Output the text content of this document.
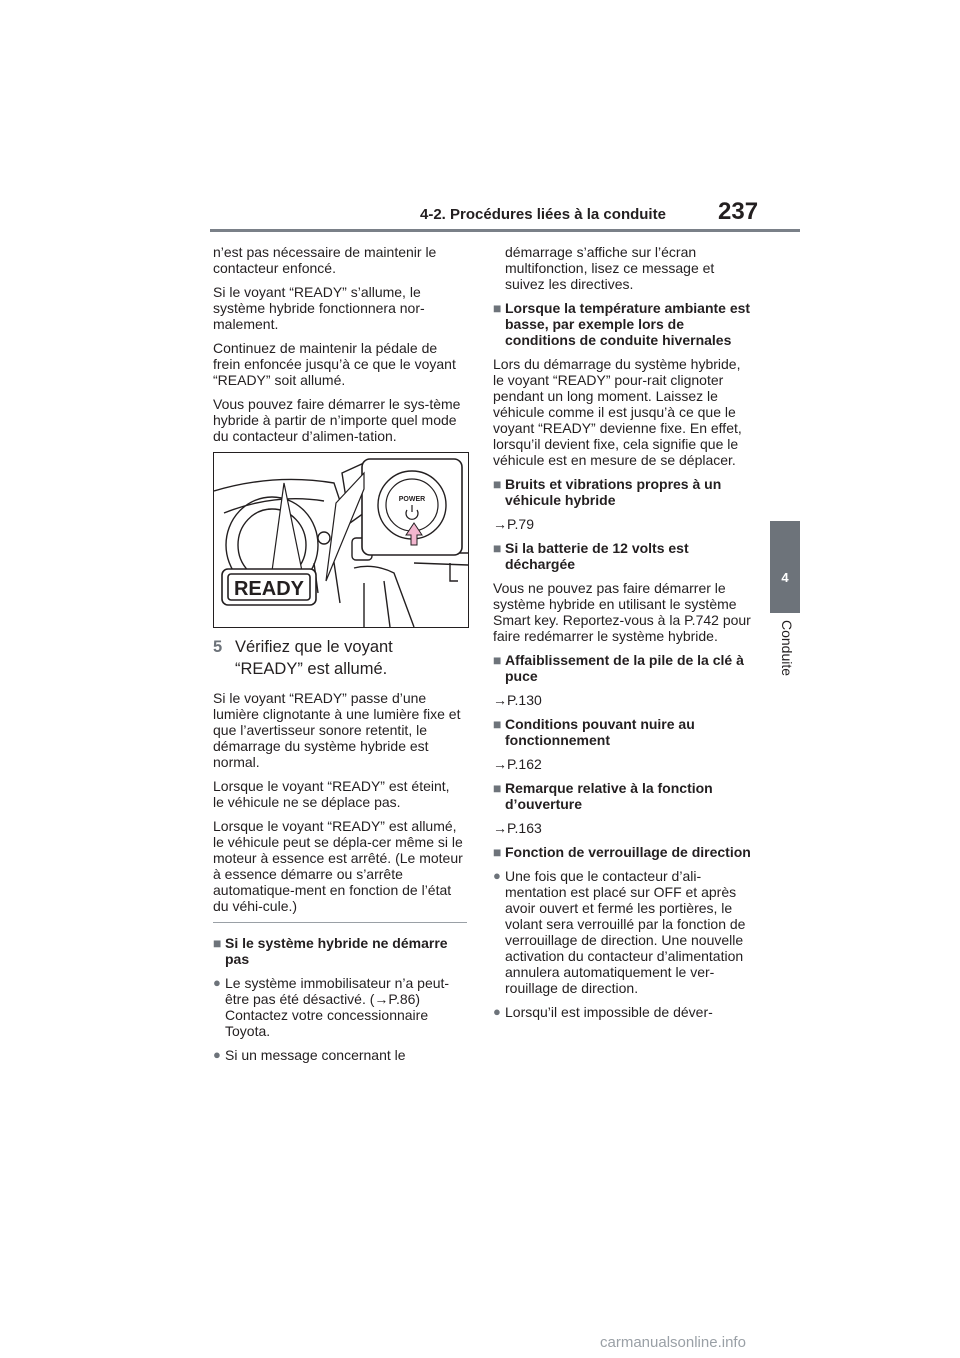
4-2. Procédures liées à la conduite 237
4
Conduite

n’est pas nécessaire de maintenir le contacteur enfoncé.

Si le voyant “READY” s’allume, le système hybride fonctionnera nor-malement.

Continuez de maintenir la pédale de frein enfoncée jusqu’à ce que le voyant “READY” soit allumé.

Vous pouvez faire démarrer le sys-tème hybride à partir de n’importe quel mode du contacteur d’alimen-tation.

POWER
READY
5 Vérifiez que le voyant “READY” est allumé.

Si le voyant “READY” passe d’une lumière clignotante à une lumière fixe et que l’avertisseur sonore retentit, le démarrage du système hybride est normal.

Lorsque le voyant “READY” est éteint, le véhicule ne se déplace pas.

Lorsque le voyant “READY” est allumé, le véhicule peut se dépla-cer même si le moteur à essence est arrêté. (Le moteur à essence démarre ou s’arrête automatique-ment en fonction de l’état du véhi-cule.)

■ Si le système hybride ne démarre pas
● Le système immobilisateur n’a peut-être pas été désactivé. (→P.86)
Contactez votre concessionnaire Toyota.
● Si un message concernant le

démarrage s’affiche sur l’écran multifonction, lisez ce message et suivez les directives.

■ Lorsque la température ambiante est basse, par exemple lors de conditions de conduite hivernales

Lors du démarrage du système hybride, le voyant “READY” pour-rait clignoter pendant un long moment. Laissez le véhicule comme il est jusqu’à ce que le voyant “READY” devienne fixe. En effet, lorsqu’il devient fixe, cela signifie que le véhicule est en mesure de se déplacer.

■ Bruits et vibrations propres à un véhicule hybride

→P.79

■ Si la batterie de 12 volts est déchargée

Vous ne pouvez pas faire démarrer le système hybride en utilisant le système Smart key. Reportez-vous à la P.742 pour faire redémarrer le système hybride.

■ Affaiblissement de la pile de la clé à puce

→P.130

■ Conditions pouvant nuire au fonctionnement

→P.162

■ Remarque relative à la fonction d’ouverture

→P.163

■ Fonction de verrouillage de direction
● Une fois que le contacteur d’ali-mentation est placé sur OFF et après avoir ouvert et fermé les portières, le volant sera verrouillé par la fonction de verrouillage de direction. Une nouvelle activation du contacteur d’alimentation annulera automatiquement le ver-rouillage de direction.
● Lorsqu’il est impossible de déver-
carmanualsonline.info
